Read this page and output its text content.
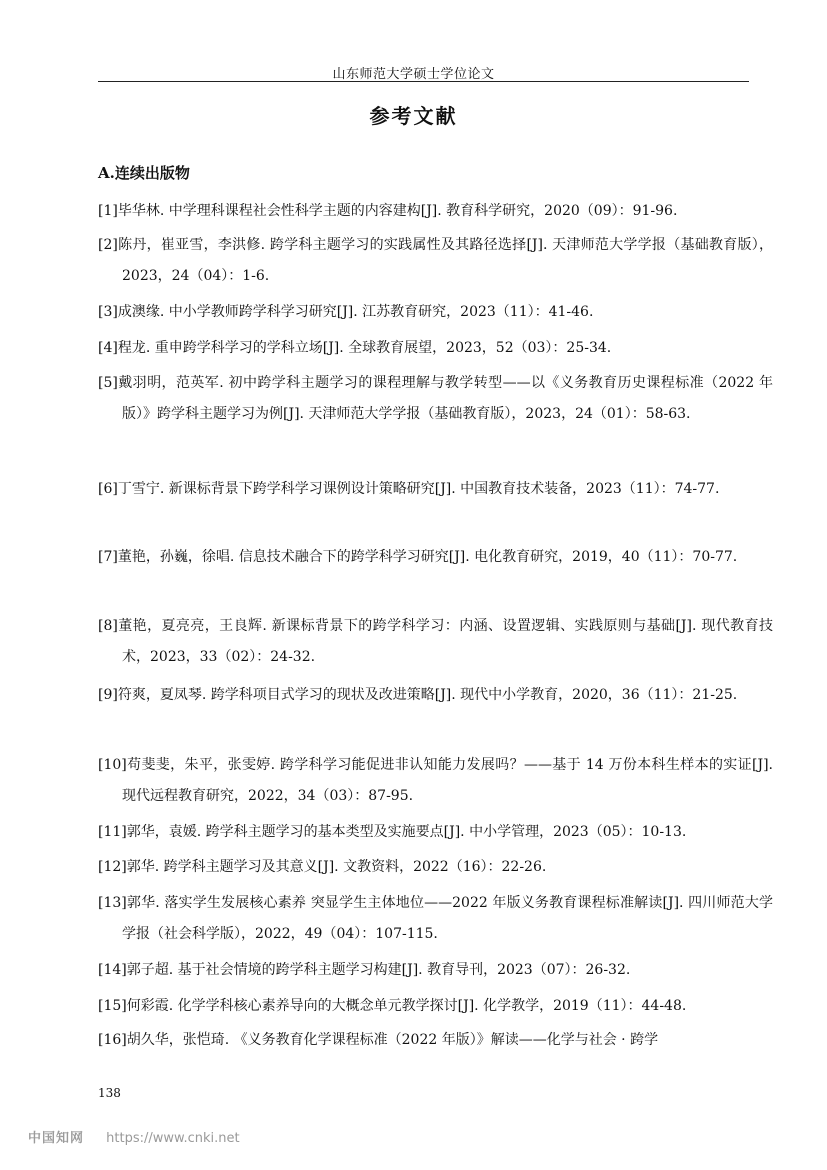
山东师范大学硕士学位论文
参考文献
A.连续出版物
[1]毕华林. 中学理科课程社会性科学主题的内容建构[J]. 教育科学研究，2020（09）：91-96.
[2]陈丹，崔亚雪，李洪修. 跨学科主题学习的实践属性及其路径选择[J]. 天津师范大学学报（基础教育版），2023，24（04）：1-6.
[3]成澳缘. 中小学教师跨学科学习研究[J]. 江苏教育研究，2023（11）：41-46.
[4]程龙. 重申跨学科学习的学科立场[J]. 全球教育展望，2023，52（03）：25-34.
[5]戴羽明，范英军. 初中跨学科主题学习的课程理解与教学转型——以《义务教育历史课程标准（2022 年版）》跨学科主题学习为例[J]. 天津师范大学学报（基础教育版），2023，24（01）：58-63.
[6]丁雪宁. 新课标背景下跨学科学习课例设计策略研究[J]. 中国教育技术装备，2023（11）：74-77.
[7]董艳，孙巍，徐唱. 信息技术融合下的跨学科学习研究[J]. 电化教育研究，2019，40（11）：70-77.
[8]董艳，夏亮亮，王良辉. 新课标背景下的跨学科学习：内涵、设置逻辑、实践原则与基础[J]. 现代教育技术，2023，33（02）：24-32.
[9]符爽，夏凤琴. 跨学科项目式学习的现状及改进策略[J]. 现代中小学教育，2020，36（11）：21-25.
[10]苟斐斐，朱平，张雯婷. 跨学科学习能促进非认知能力发展吗？——基于 14 万份本科生样本的实证[J]. 现代远程教育研究，2022，34（03）：87-95.
[11]郭华，袁媛. 跨学科主题学习的基本类型及实施要点[J]. 中小学管理，2023（05）：10-13.
[12]郭华. 跨学科主题学习及其意义[J]. 文教资料，2022（16）：22-26.
[13]郭华. 落实学生发展核心素养 突显学生主体地位——2022 年版义务教育课程标准解读[J]. 四川师范大学学报（社会科学版），2022，49（04）：107-115.
[14]郭子超. 基于社会情境的跨学科主题学习构建[J]. 教育导刊，2023（07）：26-32.
[15]何彩霞. 化学学科核心素养导向的大概念单元教学探讨[J]. 化学教学，2019（11）：44-48.
[16]胡久华，张恺琦. 《义务教育化学课程标准（2022 年版）》解读——化学与社会 · 跨学
138
中国知网 https://www.cnki.net
